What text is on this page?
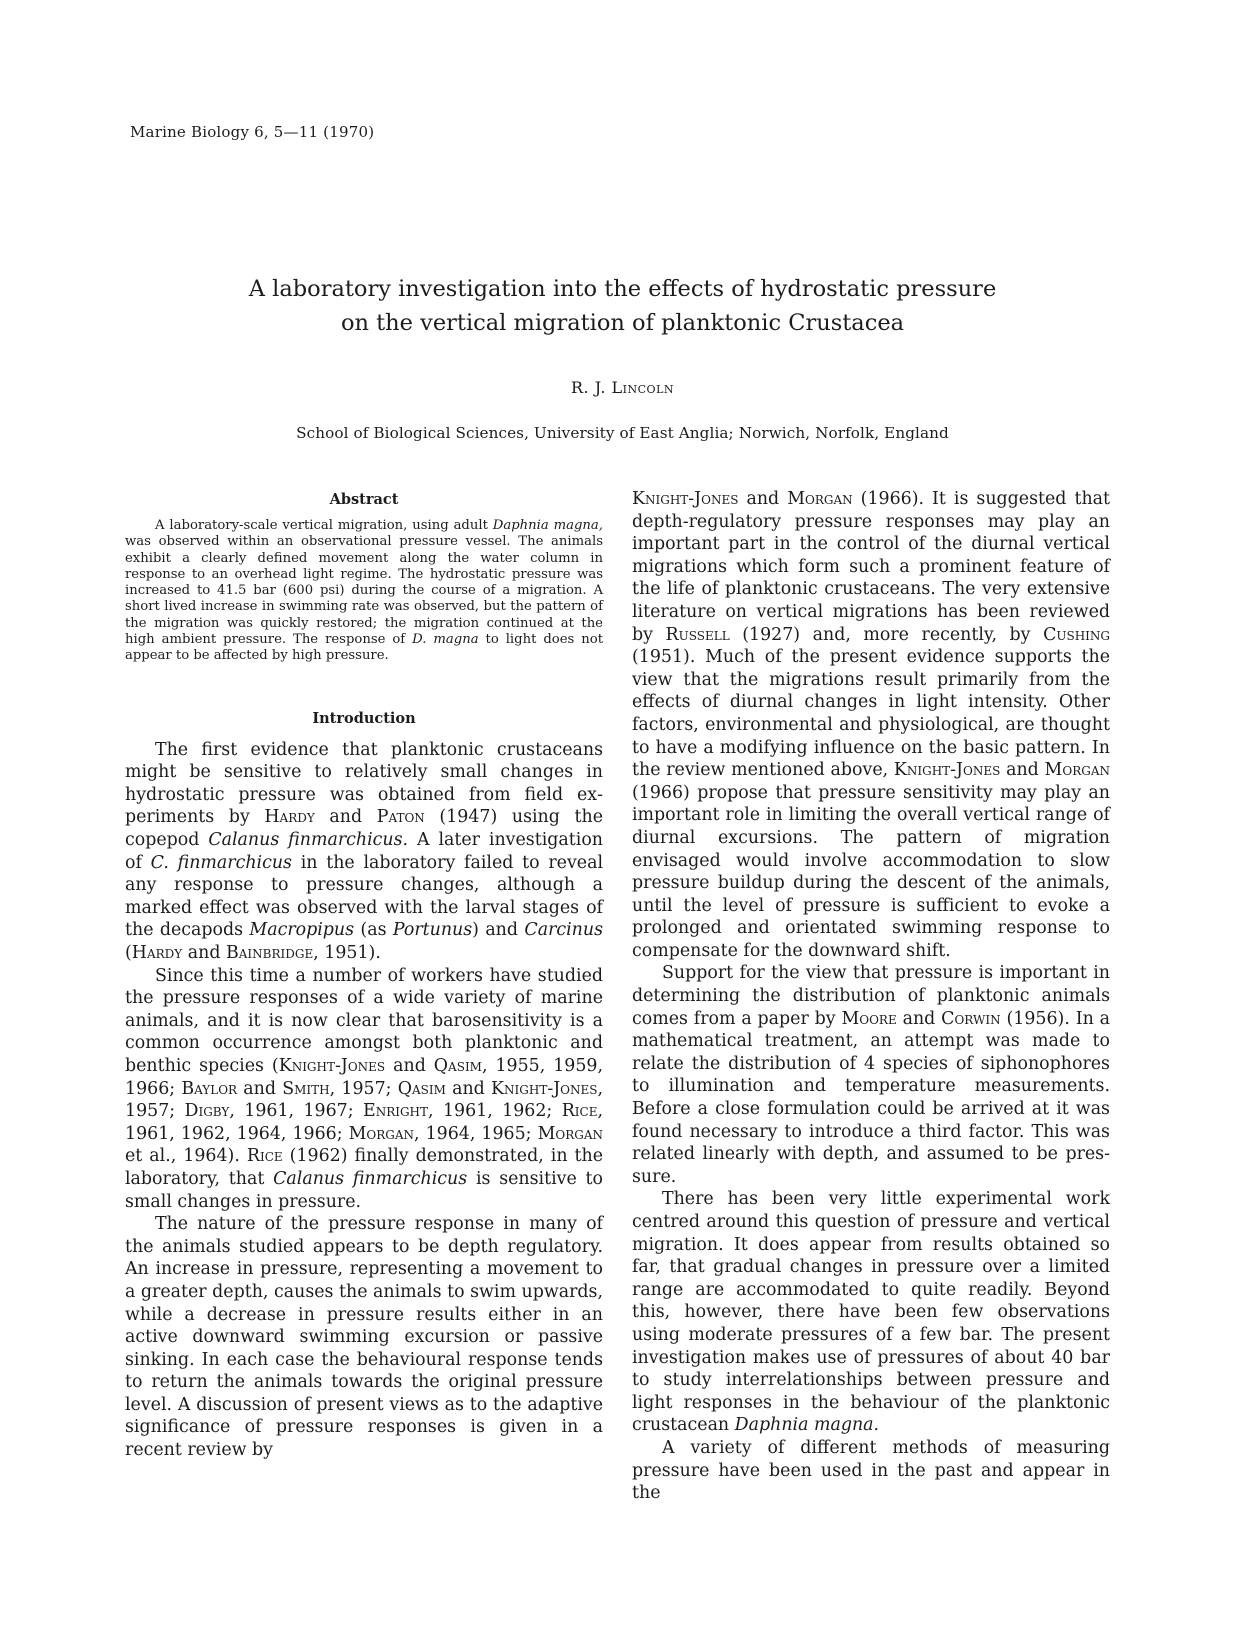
Marine Biology 6, 5—11 (1970)
A laboratory investigation into the effects of hydrostatic pressure
on the vertical migration of planktonic Crustacea
R. J. Lincoln
School of Biological Sciences, University of East Anglia; Norwich, Norfolk, England
Abstract

A laboratory-scale vertical migration, using adult Daphnia magna, was observed within an observational pressure vessel. The animals exhibit a clearly defined movement along the water column in response to an overhead light regime. The hydrostatic pressure was increased to 41.5 bar (600 psi) during the course of a migration. A short lived increase in swimming rate was observed, but the pattern of the migration was quickly restored; the migration continued at the high ambient pressure. The response of D. magna to light does not appear to be affected by high pressure.

Introduction

The first evidence that planktonic crustaceans might be sensitive to relatively small changes in hydrostatic pressure was obtained from field experiments by Hardy and Paton (1947) using the copepod Calanus finmarchicus. A later investigation of C. finmarchicus in the laboratory failed to reveal any response to pressure changes, although a marked effect was observed with the larval stages of the decapods Macropipus (as Portunus) and Carcinus (Hardy and Bainbridge, 1951).

Since this time a number of workers have studied the pressure responses of a wide variety of marine animals, and it is now clear that barosensitivity is a common occurrence amongst both planktonic and benthic species (Knight-Jones and Qasim, 1955, 1959, 1966; Baylor and Smith, 1957; Qasim and Knight-Jones, 1957; Digby, 1961, 1967; Enright, 1961, 1962; Rice, 1961, 1962, 1964, 1966; Morgan, 1964, 1965; Morgan et al., 1964). Rice (1962) finally demonstrated, in the laboratory, that Calanus finmarchicus is sensitive to small changes in pressure.

The nature of the pressure response in many of the animals studied appears to be depth regulatory. An increase in pressure, representing a movement to a greater depth, causes the animals to swim upwards, while a decrease in pressure results either in an active downward swimming excursion or passive sinking. In each case the behavioural response tends to return the animals towards the original pressure level. A discussion of present views as to the adaptive significance of pressure responses is given in a recent review by

Knight-Jones and Morgan (1966). It is suggested that depth-regulatory pressure responses may play an important part in the control of the diurnal vertical migrations which form such a prominent feature of the life of planktonic crustaceans. The very extensive literature on vertical migrations has been reviewed by Russell (1927) and, more recently, by Cushing (1951). Much of the present evidence supports the view that the migrations result primarily from the effects of diurnal changes in light intensity. Other factors, environmental and physiological, are thought to have a modifying influence on the basic pattern. In the review mentioned above, Knight-Jones and Morgan (1966) propose that pressure sensitivity may play an important role in limiting the overall vertical range of diurnal excursions. The pattern of migration envisaged would involve accommodation to slow pressure buildup during the descent of the animals, until the level of pressure is sufficient to evoke a prolonged and orientated swimming response to compensate for the downward shift.

Support for the view that pressure is important in determining the distribution of planktonic animals comes from a paper by Moore and Corwin (1956). In a mathematical treatment, an attempt was made to relate the distribution of 4 species of siphonophores to illumination and temperature measurements. Before a close formulation could be arrived at it was found necessary to introduce a third factor. This was related linearly with depth, and assumed to be pressure.

There has been very little experimental work centred around this question of pressure and vertical migration. It does appear from results obtained so far, that gradual changes in pressure over a limited range are accommodated to quite readily. Beyond this, however, there have been few observations using moderate pressures of a few bar. The present investigation makes use of pressures of about 40 bar to study interrelationships between pressure and light responses in the behaviour of the planktonic crustacean Daphnia magna.

A variety of different methods of measuring pressure have been used in the past and appear in the
